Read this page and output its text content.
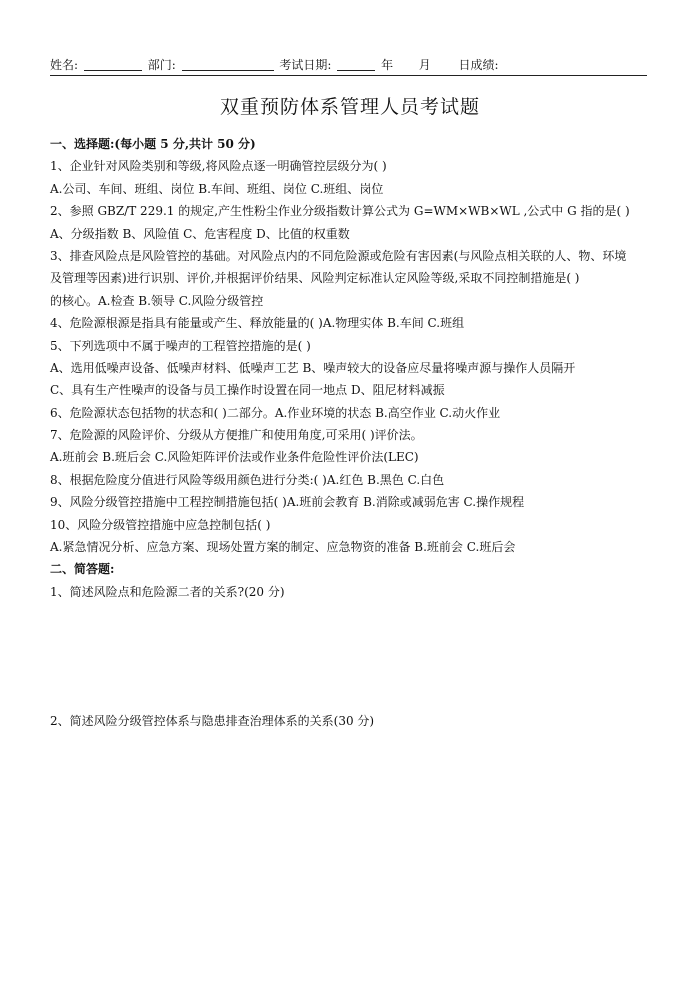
姓名:	部门:	考试日期:	年 月 日成绩:
双重预防体系管理人员考试题
一、选择题:(每小题 5 分,共计 50 分)
1、企业针对风险类别和等级,将风险点逐一明确管控层级分为( )
A.公司、车间、班组、岗位 B.车间、班组、岗位 C.班组、岗位
2、参照 GBZ/T 229.1 的规定,产生性粉尘作业分级指数计算公式为 G=WM×WB×WL ,公式中 G 指的是( )
A、分级指数 B、风险值 C、危害程度 D、比值的权重数
3、排查风险点是风险管控的基础。对风险点内的不同危险源或危险有害因素(与风险点相关联的人、物、环境
及管理等因素)进行识别、评价,并根据评价结果、风险判定标准认定风险等级,采取不同控制措施是( )
的核心。A.检查 B.领导 C.风险分级管控
4、危险源根源是指具有能量或产生、释放能量的( )A.物理实体 B.车间 C.班组
5、下列选项中不属于噪声的工程管控措施的是( )
A、选用低噪声设备、低噪声材料、低噪声工艺 B、噪声较大的设备应尽量将噪声源与操作人员隔开
C、具有生产性噪声的设备与员工操作时设置在同一地点 D、阻尼材料减振
6、危险源状态包括物的状态和( )二部分。A.作业环境的状态 B.高空作业 C.动火作业
7、危险源的风险评价、分级从方便推广和使用角度,可采用( )评价法。
A.班前会 B.班后会 C.风险矩阵评价法或作业条件危险性评价法(LEC)
8、根据危险度分值进行风险等级用颜色进行分类:( )A.红色 B.黑色 C.白色
9、风险分级管控措施中工程控制措施包括( )A.班前会教育 B.消除或减弱危害 C.操作规程
10、风险分级管控措施中应急控制包括( )
A.紧急情况分析、应急方案、现场处置方案的制定、应急物资的准备 B.班前会 C.班后会
二、简答题:
1、简述风险点和危险源二者的关系?(20 分)
2、简述风险分级管控体系与隐患排查治理体系的关系(30 分)
